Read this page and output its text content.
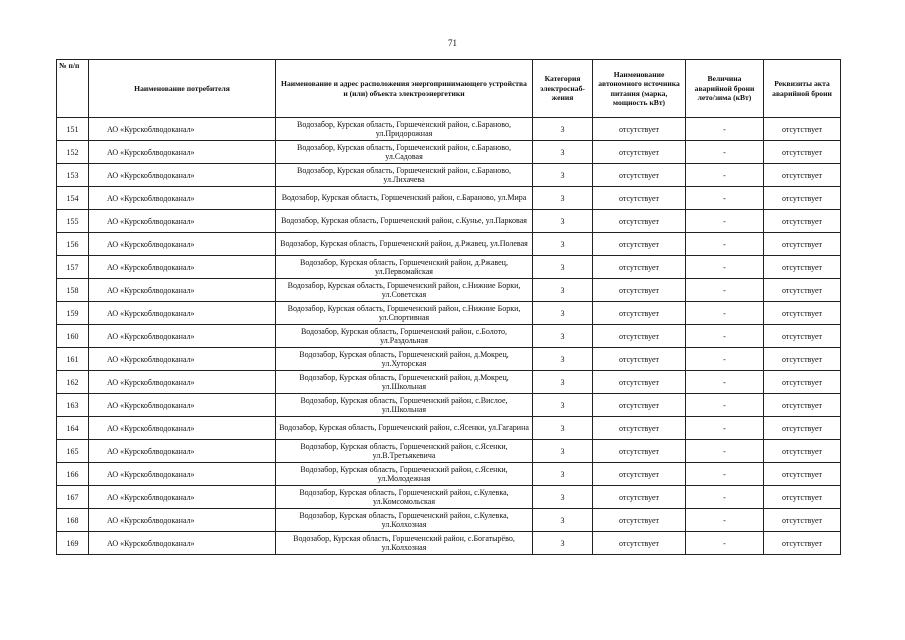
71
№ п/п	Наименование потребителя	Наименование и адрес расположения энергопринимающего устройства и (или) объекта электроэнергетики	Категория электроснаб-жения	Наименование автономного источника питания (марка, мощность кВт)	Величина аварийной брони лето/зима (кВт)	Реквизиты акта аварийной брони
151	АО «Курскоблводоканал»	Водозабор, Курская область, Горшеченский район, с.Бараново, ул.Придорожная	3	отсутствует	-	отсутствует
152	АО «Курскоблводоканал»	Водозабор, Курская область, Горшеченский район, с.Бараново, ул.Садовая	3	отсутствует	-	отсутствует
153	АО «Курскоблводоканал»	Водозабор, Курская область, Горшеченский район, с.Бараново, ул.Лихачева	3	отсутствует	-	отсутствует
154	АО «Курскоблводоканал»	Водозабор, Курская область, Горшеченский район, с.Бараново, ул.Мира	3	отсутствует	-	отсутствует
155	АО «Курскоблводоканал»	Водозабор, Курская область, Горшеченский район, с.Кунье, ул.Парковая	3	отсутствует	-	отсутствует
156	АО «Курскоблводоканал»	Водозабор, Курская область, Горшеченский район, д.Ржавец, ул.Полевая	3	отсутствует	-	отсутствует
157	АО «Курскоблводоканал»	Водозабор, Курская область, Горшеченский район, д.Ржавец, ул.Первомайская	3	отсутствует	-	отсутствует
158	АО «Курскоблводоканал»	Водозабор, Курская область, Горшеченский район, с.Нижние Борки, ул.Советская	3	отсутствует	-	отсутствует
159	АО «Курскоблводоканал»	Водозабор, Курская область, Горшеченский район, с.Нижние Борки, ул.Спортивная	3	отсутствует	-	отсутствует
160	АО «Курскоблводоканал»	Водозабор, Курская область, Горшеченский район, с.Болото, ул.Раздольная	3	отсутствует	-	отсутствует
161	АО «Курскоблводоканал»	Водозабор, Курская область, Горшеченский район, д.Мокрец, ул.Хуторская	3	отсутствует	-	отсутствует
162	АО «Курскоблводоканал»	Водозабор, Курская область, Горшеченский район, д.Мокрец, ул.Школьная	3	отсутствует	-	отсутствует
163	АО «Курскоблводоканал»	Водозабор, Курская область, Горшеченский район, с.Вислое, ул.Школьная	3	отсутствует	-	отсутствует
164	АО «Курскоблводоканал»	Водозабор, Курская область, Горшеченский район, с.Ясенки, ул.Гагарина	3	отсутствует	-	отсутствует
165	АО «Курскоблводоканал»	Водозабор, Курская область, Горшеченский район, с.Ясенки, ул.В.Третьякевича	3	отсутствует	-	отсутствует
166	АО «Курскоблводоканал»	Водозабор, Курская область, Горшеченский район, с.Ясенки, ул.Молодежная	3	отсутствует	-	отсутствует
167	АО «Курскоблводоканал»	Водозабор, Курская область, Горшеченский район, с.Кулевка, ул.Комсомольская	3	отсутствует	-	отсутствует
168	АО «Курскоблводоканал»	Водозабор, Курская область, Горшеченский район, с.Кулевка, ул.Колхозная	3	отсутствует	-	отсутствует
169	АО «Курскоблводоканал»	Водозабор, Курская область, Горшеченский район, с.Богатырёво, ул.Колхозная	3	отсутствует	-	отсутствует
